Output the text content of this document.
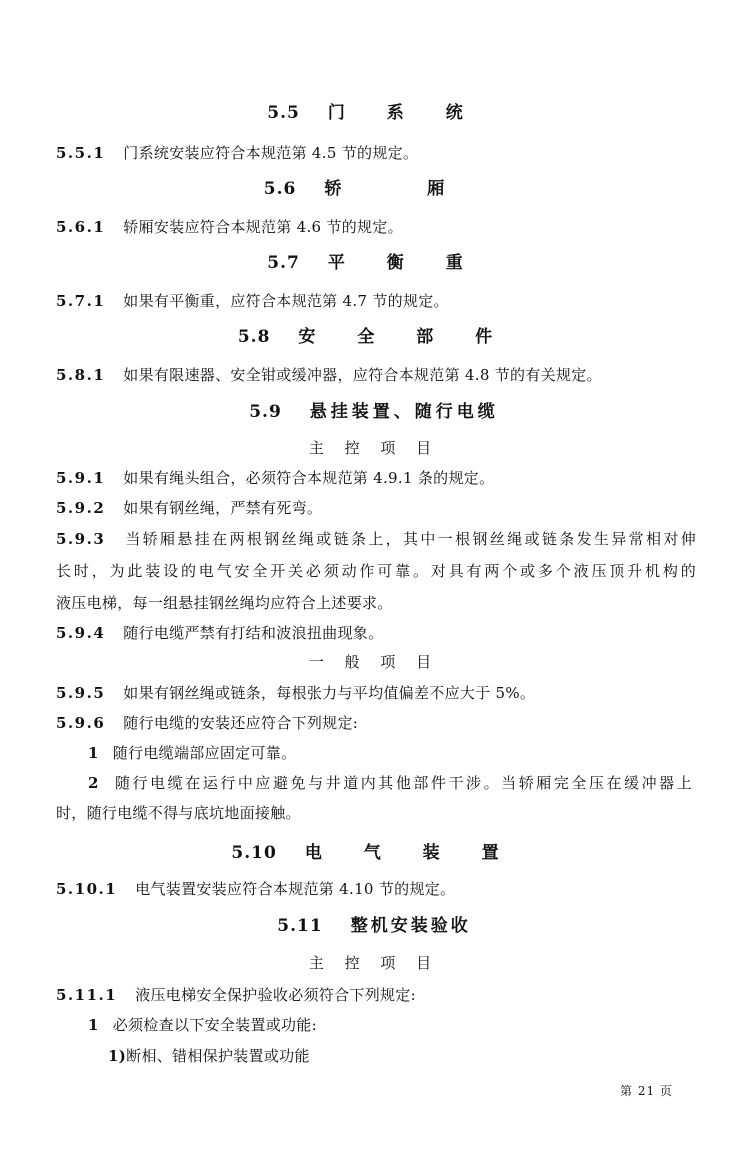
5.5 门 系 统
5.5.1 门系统安装应符合本规范第 4.5 节的规定。
5.6 轿 厢
5.6.1 轿厢安装应符合本规范第 4.6 节的规定。
5.7 平 衡 重
5.7.1 如果有平衡重，应符合本规范第 4.7 节的规定。
5.8 安 全 部 件
5.8.1 如果有限速器、安全钳或缓冲器，应符合本规范第 4.8 节的有关规定。
5.9 悬挂装置、随行电缆
主 控 项 目
5.9.1 如果有绳头组合，必须符合本规范第 4.9.1 条的规定。
5.9.2 如果有钢丝绳，严禁有死弯。
5.9.3 当轿厢悬挂在两根钢丝绳或链条上，其中一根钢丝绳或链条发生异常相对伸
长时，为此装设的电气安全开关必须动作可靠。对具有两个或多个液压顶升机构的
液压电梯，每一组悬挂钢丝绳均应符合上述要求。
5.9.4 随行电缆严禁有打结和波浪扭曲现象。
一 般 项 目
5.9.5 如果有钢丝绳或链条，每根张力与平均值偏差不应大于 5%。
5.9.6 随行电缆的安装还应符合下列规定:
1 随行电缆端部应固定可靠。
2 随行电缆在运行中应避免与井道内其他部件干涉。当轿厢完全压在缓冲器上
时，随行电缆不得与底坑地面接触。
5.10 电 气 装 置
5.10.1 电气装置安装应符合本规范第 4.10 节的规定。
5.11 整机安装验收
主 控 项 目
5.11.1 液压电梯安全保护验收必须符合下列规定:
1 必须检查以下安全装置或功能:
1)断相、错相保护装置或功能
第 21 页
